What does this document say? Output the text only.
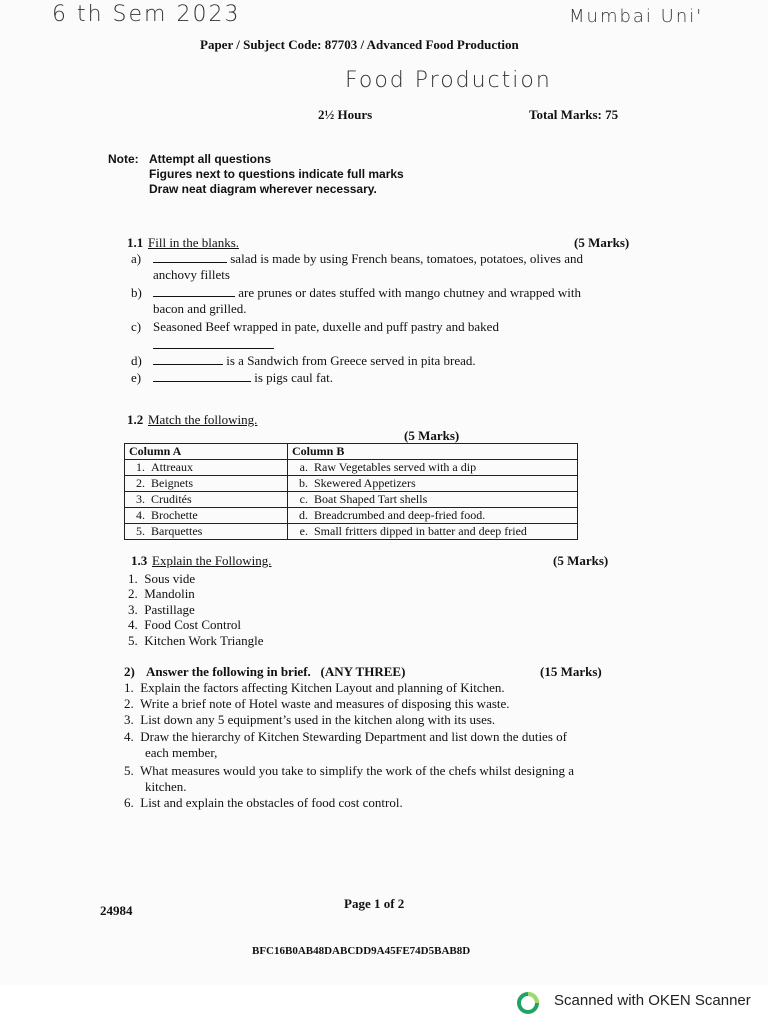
6 th Sem 2023	Mumbai Uni'
Food Production
Paper / Subject Code: 87703 / Advanced Food Production
2½ Hours	Total Marks: 75
Note: Attempt all questions
Figures next to questions indicate full marks
Draw neat diagram wherever necessary.
1.1 Fill in the blanks.	(5 Marks)
a)	salad is made by using French beans, tomatoes, potatoes, olives and
anchovy fillets
b)	are prunes or dates stuffed with mango chutney and wrapped with
bacon and grilled.
c) Seasoned Beef wrapped in pate, duxelle and puff pastry and baked
d)	is a Sandwich from Greece served in pita bread.
e)	is pigs caul fat.
1.2 Match the following.
(5 Marks)
Column A	Column B
1. Attreaux	a. Raw Vegetables served with a dip
2. Beignets	b. Skewered Appetizers
3. Crudités	c. Boat Shaped Tart shells
4. Brochette	d. Breadcrumbed and deep-fried food.
5. Barquettes	e. Small fritters dipped in batter and deep fried
1.3 Explain the Following.	(5 Marks)
1. Sous vide
2. Mandolin
3. Pastillage
4. Food Cost Control
5. Kitchen Work Triangle
2) Answer the following in brief.   (ANY THREE)	(15 Marks)
1. Explain the factors affecting Kitchen Layout and planning of Kitchen.
2. Write a brief note of Hotel waste and measures of disposing this waste.
3. List down any 5 equipment’s used in the kitchen along with its uses.
4. Draw the hierarchy of Kitchen Stewarding Department and list down the duties of
each member,
5. What measures would you take to simplify the work of the chefs whilst designing a
kitchen.
6. List and explain the obstacles of food cost control.
24984	Page 1 of 2
BFC16B0AB48DABCDD9A45FE74D5BAB8D
Scanned with OKEN Scanner
